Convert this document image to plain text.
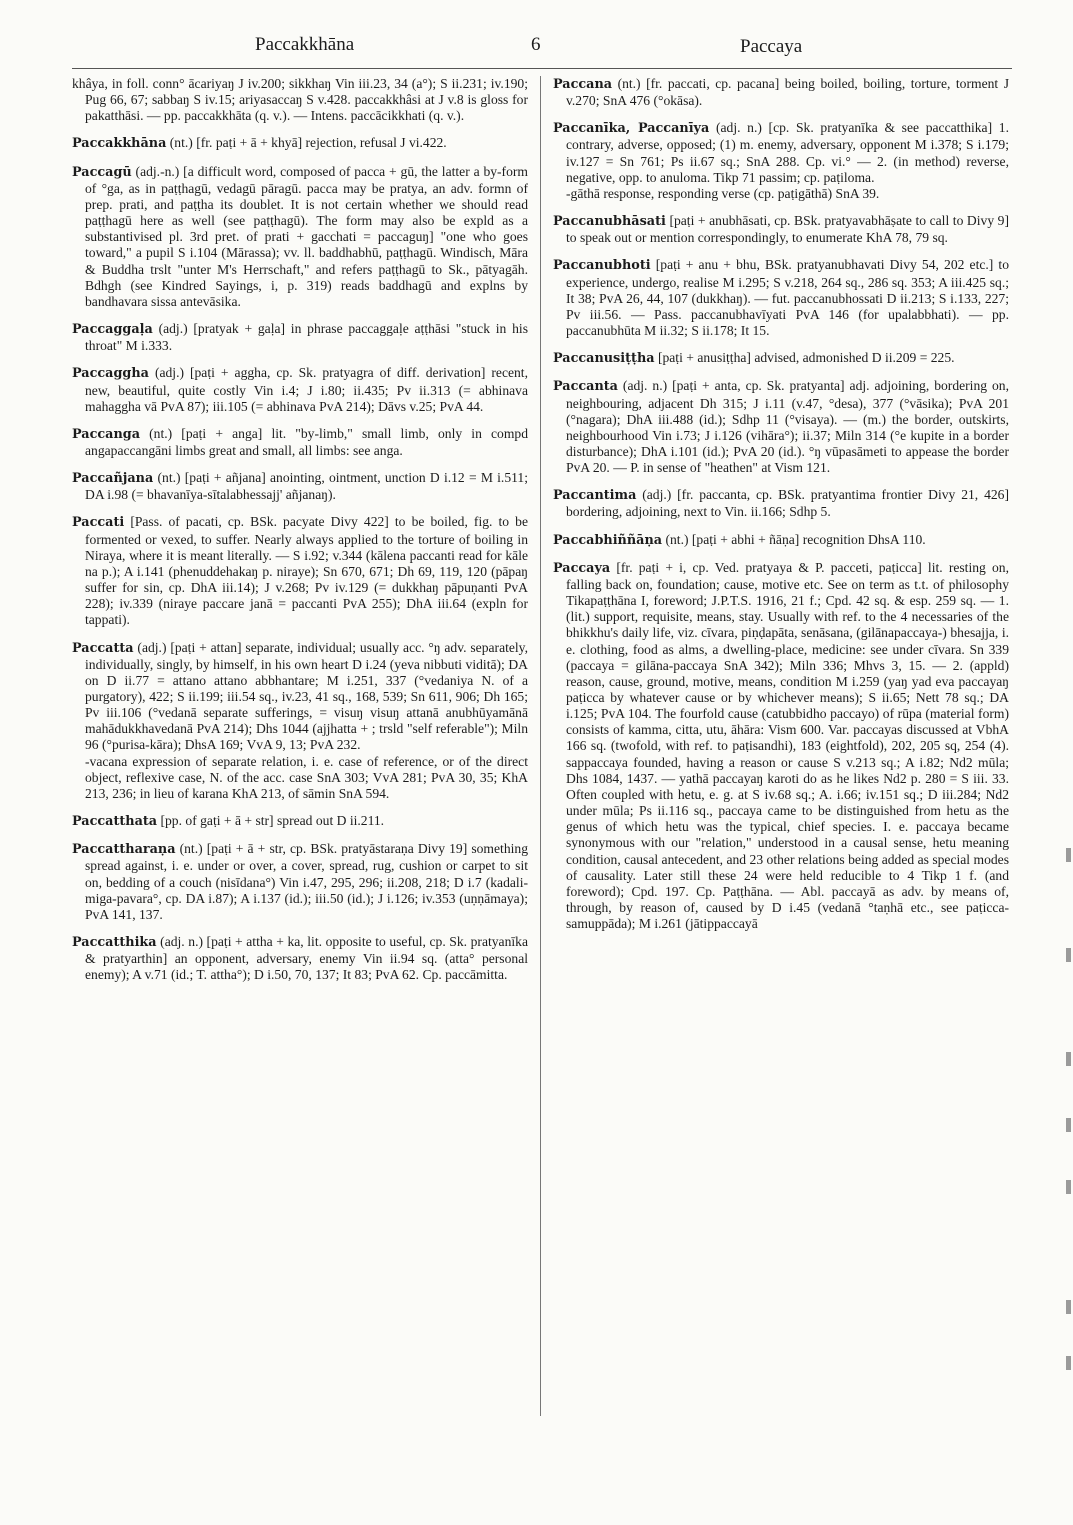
Paccakkhāna	6	Paccaya

khâya, in foll. conn° ācariyaŋ J iv.200; sikkhaŋ Vin iii.23, 34 (a°); S ii.231; iv.190; Pug 66, 67; sabbaŋ S iv.15; ariyasaccaŋ S v.428. paccakkhâsi at J v.8 is gloss for pakatthāsi. — pp. paccakkhāta (q. v.). — Intens. paccācikkhati (q. v.).

Paccakkhāna (nt.) [fr. paṭi + ā + khyā] rejection, refusal J vi.422.

Paccagū (adj.-n.) [a difficult word, composed of pacca + gū, the latter a by-form of °ga, as in paṭṭhagū, vedagū pāragū. pacca may be pratya, an adv. formn of prep. prati, and paṭṭha its doublet. It is not certain whether we should read paṭṭhagū here as well (see paṭṭhagū). The form may also be expld as a substantivised pl. 3rd pret. of prati + gacchati = paccaguŋ] "one who goes toward," a pupil S i.104 (Mārassa); vv. ll. baddhabhū, paṭṭhagū. Windisch, Māra & Buddha trslt "unter M's Herrschaft," and refers paṭṭhagū to Sk., pātyagāh. Bdhgh (see Kindred Sayings, i, p. 319) reads baddhagū and explns by bandhavara sissa antevāsika.

Paccaggaḷa (adj.) [pratyak + gaḷa] in phrase paccaggaḷe aṭṭhāsi "stuck in his throat" M i.333.

Paccaggha (adj.) [paṭi + aggha, cp. Sk. pratyagra of diff. derivation] recent, new, beautiful, quite costly Vin i.4; J i.80; ii.435; Pv ii.313 (= abhinava mahaggha vā PvA 87); iii.105 (= abhinava PvA 214); Dāvs v.25; PvA 44.

Paccanga (nt.) [paṭi + anga] lit. "by-limb," small limb, only in compd angapaccangāni limbs great and small, all limbs: see anga.

Paccañjana (nt.) [paṭi + añjana] anointing, ointment, unction D i.12 = M i.511; DA i.98 (= bhavanīya-sītalabhessajj' añjanaŋ).

Paccati [Pass. of pacati, cp. BSk. pacyate Divy 422] to be boiled, fig. to be formented or vexed, to suffer. Nearly always applied to the torture of boiling in Niraya, where it is meant literally. — S i.92; v.344 (kālena paccanti read for kāle na p.); A i.141 (phenuddehakaŋ p. niraye); Sn 670, 671; Dh 69, 119, 120 (pāpaŋ suffer for sin, cp. DhA iii.14); J v.268; Pv iv.129 (= dukkhaŋ pāpuṇanti PvA 228); iv.339 (niraye paccare janā = paccanti PvA 255); DhA iii.64 (expln for tappati).

Paccatta (adj.) [paṭi + attan] separate, individual; usually acc. °ŋ adv. separately, individually, singly, by himself, in his own heart D i.24 (yeva nibbuti viditā); DA on D ii.77 = attano attano abbhantare; M i.251, 337 (°vedaniya N. of a purgatory), 422; S ii.199; iii.54 sq., iv.23, 41 sq., 168, 539; Sn 611, 906; Dh 165; Pv iii.106 (°vedanā separate sufferings, = visuŋ visuŋ attanā anubhūyamānā mahādukkhavedanā PvA 214); Dhs 1044 (ajjhatta + ; trsld "self referable"); Miln 96 (°purisa-kāra); DhsA 169; VvA 9, 13; PvA 232.
-vacana expression of separate relation, i. e. case of reference, or of the direct object, reflexive case, N. of the acc. case SnA 303; VvA 281; PvA 30, 35; KhA 213, 236; in lieu of karana KhA 213, of sāmin SnA 594.

Paccatthata [pp. of gaṭi + ā + str] spread out D ii.211.

Paccattharaṇa (nt.) [paṭi + ā + str, cp. BSk. pratyāstaraṇa Divy 19] something spread against, i. e. under or over, a cover, spread, rug, cushion or carpet to sit on, bedding of a couch (nisīdana°) Vin i.47, 295, 296; ii.208, 218; D i.7 (kadali-miga-pavara°, cp. DA i.87); A i.137 (id.); iii.50 (id.); J i.126; iv.353 (uṇṇāmaya); PvA 141, 137.

Paccatthika (adj. n.) [paṭi + attha + ka, lit. opposite to useful, cp. Sk. pratyanīka & pratyarthin] an opponent, adversary, enemy Vin ii.94 sq. (atta° personal enemy); A v.71 (id.; T. attha°); D i.50, 70, 137; It 83; PvA 62. Cp. paccāmitta.

Paccana (nt.) [fr. paccati, cp. pacana] being boiled, boiling, torture, torment J v.270; SnA 476 (°okāsa).

Paccanīka, Paccanīya (adj. n.) [cp. Sk. pratyanīka & see paccatthika] 1. contrary, adverse, opposed; (1) m. enemy, adversary, opponent M i.378; S i.179; iv.127 = Sn 761; Ps ii.67 sq.; SnA 288. Cp. vi.° — 2. (in method) reverse, negative, opp. to anuloma. Tikp 71 passim; cp. paṭiloma.
-gāthā response, responding verse (cp. paṭigāthā) SnA 39.

Paccanubhāsati [paṭi + anubhāsati, cp. BSk. pratyavabhāṣate to call to Divy 9] to speak out or mention correspondingly, to enumerate KhA 78, 79 sq.

Paccanubhoti [paṭi + anu + bhu, BSk. pratyanubhavati Divy 54, 202 etc.] to experience, undergo, realise M i.295; S v.218, 264 sq., 286 sq. 353; A iii.425 sq.; It 38; PvA 26, 44, 107 (dukkhaŋ). — fut. paccanubhossati D ii.213; S i.133, 227; Pv iii.56. — Pass. paccanubhavīyati PvA 146 (for upalabbhati). — pp. paccanubhūta M ii.32; S ii.178; It 15.

Paccanusiṭṭha [paṭi + anusiṭṭha] advised, admonished D ii.209 = 225.

Paccanta (adj. n.) [paṭi + anta, cp. Sk. pratyanta] adj. adjoining, bordering on, neighbouring, adjacent Dh 315; J i.11 (v.47, °desa), 377 (°vāsika); PvA 201 (°nagara); DhA iii.488 (id.); Sdhp 11 (°visaya). — (m.) the border, outskirts, neighbourhood Vin i.73; J i.126 (vihāra°); ii.37; Miln 314 (°e kupite in a border disturbance); DhA i.101 (id.); PvA 20 (id.). °ŋ vūpasāmeti to appease the border PvA 20. — P. in sense of "heathen" at Vism 121.

Paccantima (adj.) [fr. paccanta, cp. BSk. pratyantima frontier Divy 21, 426] bordering, adjoining, next to Vin. ii.166; Sdhp 5.

Paccabhiññāṇa (nt.) [paṭi + abhi + ñāṇa] recognition DhsA 110.

Paccaya [fr. paṭi + i, cp. Ved. pratyaya & P. pacceti, paṭicca] lit. resting on, falling back on, foundation; cause, motive etc. See on term as t.t. of philosophy Tikapaṭṭhāna I, foreword; J.P.T.S. 1916, 21 f.; Cpd. 42 sq. & esp. 259 sq. — 1. (lit.) support, requisite, means, stay. Usually with ref. to the 4 necessaries of the bhikkhu's daily life, viz. cīvara, piṇḍapāta, senāsana, (gilānapaccaya-) bhesajja, i. e. clothing, food as alms, a dwelling-place, medicine: see under cīvara. Sn 339 (paccaya = gilāna-paccaya SnA 342); Miln 336; Mhvs 3, 15. — 2. (appld) reason, cause, ground, motive, means, condition M i.259 (yaŋ yad eva paccayaŋ paṭicca by whatever cause or by whichever means); S ii.65; Nett 78 sq.; DA i.125; PvA 104. The fourfold cause (catubbidho paccayo) of rūpa (material form) consists of kamma, citta, utu, āhāra: Vism 600. Var. paccayas discussed at VbhA 166 sq. (twofold, with ref. to paṭisandhi), 183 (eightfold), 202, 205 sq, 254 (4). sappaccaya founded, having a reason or cause S v.213 sq.; A i.82; Nd2 mūla; Dhs 1084, 1437. — yathā paccayaŋ karoti do as he likes Nd2 p. 280 = S iii. 33. Often coupled with hetu, e. g. at S iv.68 sq.; A. i.66; iv.151 sq.; D iii.284; Nd2 under mūla; Ps ii.116 sq., paccaya came to be distinguished from hetu as the genus of which hetu was the typical, chief species. I. e. paccaya became synonymous with our "relation," understood in a causal sense, hetu meaning condition, causal antecedent, and 23 other relations being added as special modes of causality. Later still these 24 were held reducible to 4 Tikp 1 f. (and foreword); Cpd. 197. Cp. Paṭṭhāna. — Abl. paccayā as adv. by means of, through, by reason of, caused by D i.45 (vedanā °taṇhā etc., see paṭicca-samuppāda); M i.261 (jātippaccayā
